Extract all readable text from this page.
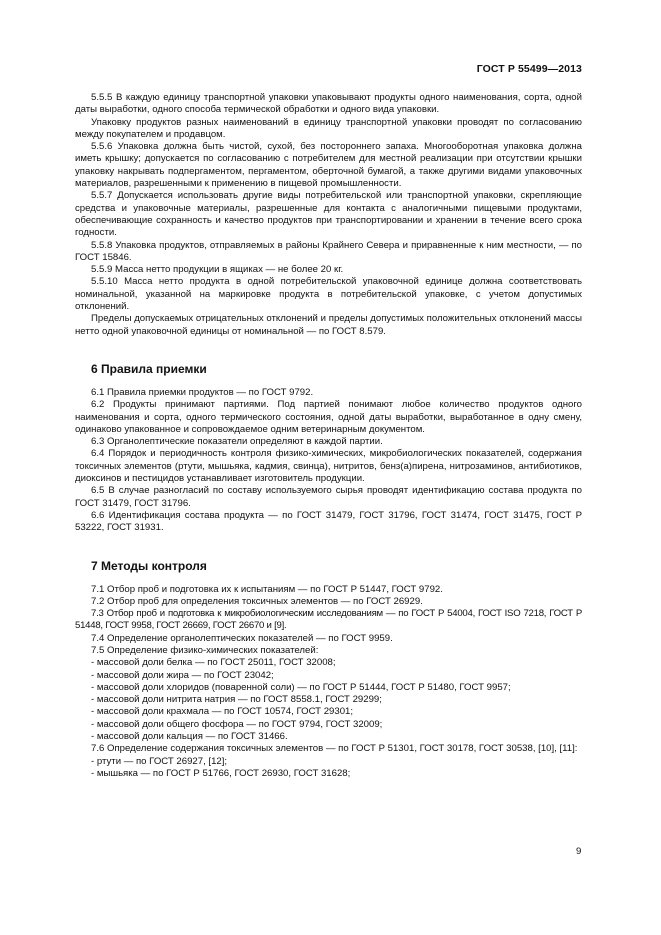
ГОСТ Р 55499—2013

5.5.5 В каждую единицу транспортной упаковки упаковывают продукты одного наименования, сорта, одной даты выработки, одного способа термической обработки и одного вида упаковки.

Упаковку продуктов разных наименований в единицу транспортной упаковки проводят по согласованию между покупателем и продавцом.

5.5.6 Упаковка должна быть чистой, сухой, без постороннего запаха. Многооборотная упаковка должна иметь крышку; допускается по согласованию с потребителем для местной реализации при отсутствии крышки упаковку накрывать подпергаментом, пергаментом, оберточной бумагой, а также другими видами упаковочных материалов, разрешенными к применению в пищевой промышленности.

5.5.7 Допускается использовать другие виды потребительской или транспортной упаковки, скрепляющие средства и упаковочные материалы, разрешенные для контакта с аналогичными пищевыми продуктами, обеспечивающие сохранность и качество продуктов при транспортировании и хранении в течение всего срока годности.

5.5.8 Упаковка продуктов, отправляемых в районы Крайнего Севера и приравненные к ним местности, — по ГОСТ 15846.

5.5.9 Масса нетто продукции в ящиках — не более 20 кг.

5.5.10 Масса нетто продукта в одной потребительской упаковочной единице должна соответствовать номинальной, указанной на маркировке продукта в потребительской упаковке, с учетом допустимых отклонений.

Пределы допускаемых отрицательных отклонений и пределы допустимых положительных отклонений массы нетто одной упаковочной единицы от номинальной — по ГОСТ 8.579.

6 Правила приемки

6.1 Правила приемки продуктов — по ГОСТ 9792.

6.2 Продукты принимают партиями. Под партией понимают любое количество продуктов одного наименования и сорта, одного термического состояния, одной даты выработки, выработанное в одну смену, одинаково упакованное и сопровождаемое одним ветеринарным документом.

6.3 Органолептические показатели определяют в каждой партии.

6.4 Порядок и периодичность контроля физико-химических, микробиологических показателей, содержания токсичных элементов (ртути, мышьяка, кадмия, свинца), нитритов, бенз(а)пирена, нитрозаминов, антибиотиков, диоксинов и пестицидов устанавливает изготовитель продукции.

6.5 В случае разногласий по составу используемого сырья проводят идентификацию состава продукта по ГОСТ 31479, ГОСТ 31796.

6.6 Идентификация состава продукта — по ГОСТ 31479, ГОСТ 31796, ГОСТ 31474, ГОСТ 31475, ГОСТ Р 53222, ГОСТ 31931.

7 Методы контроля

7.1 Отбор проб и подготовка их к испытаниям — по ГОСТ Р 51447, ГОСТ 9792.

7.2 Отбор проб для определения токсичных элементов — по ГОСТ 26929.

7.3 Отбор проб и подготовка к микробиологическим исследованиям — по ГОСТ Р 54004, ГОСТ ISO 7218, ГОСТ Р 51448, ГОСТ 9958, ГОСТ 26669, ГОСТ 26670 и [9].

7.4 Определение органолептических показателей — по ГОСТ 9959.

7.5 Определение физико-химических показателей:

- массовой доли белка — по ГОСТ 25011, ГОСТ 32008;
- массовой доли жира — по ГОСТ 23042;
- массовой доли хлоридов (поваренной соли) — по ГОСТ Р 51444, ГОСТ Р 51480, ГОСТ 9957;
- массовой доли нитрита натрия — по ГОСТ 8558.1, ГОСТ 29299;
- массовой доли крахмала — по ГОСТ 10574, ГОСТ 29301;
- массовой доли общего фосфора — по ГОСТ 9794, ГОСТ 32009;
- массовой доли кальция — по ГОСТ 31466.

7.6 Определение содержания токсичных элементов — по ГОСТ Р 51301, ГОСТ 30178, ГОСТ 30538, [10], [11]:

- ртути — по ГОСТ 26927, [12];
- мышьяка — по ГОСТ Р 51766, ГОСТ 26930, ГОСТ 31628;
9
